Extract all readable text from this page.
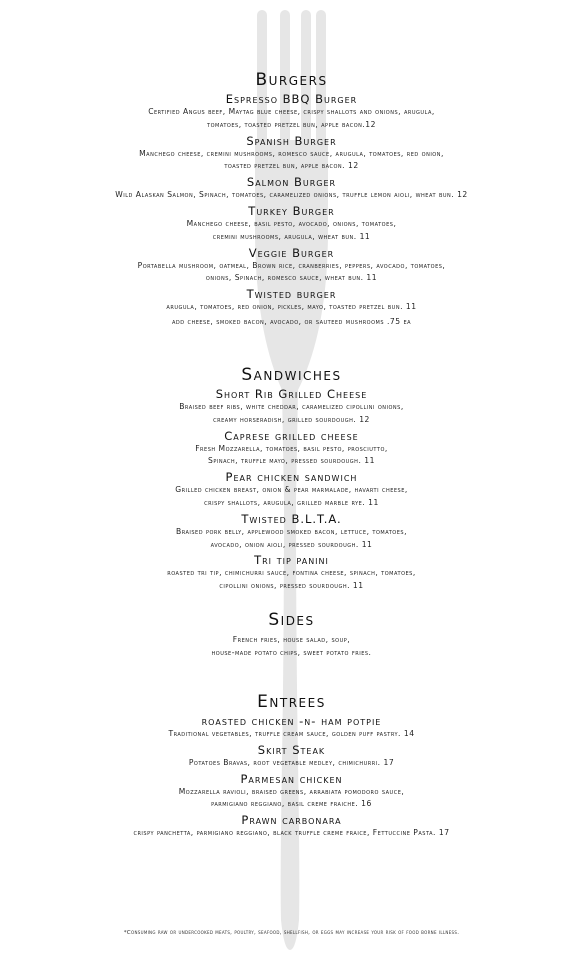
Burgers
Espresso BBQ Burger
Certified Angus beef, Maytag blue cheese, crispy shallots and onions, arugula,
tomatoes, toasted pretzel bun, apple bacon.12
Spanish Burger
Manchego cheese, cremini mushrooms, romesco sauce, arugula, tomatoes, red onion,
toasted pretzel bun, apple bacon. 12
Salmon Burger
Wild Alaskan Salmon, Spinach, tomatoes, caramelized onions, truffle lemon aioli, wheat bun. 12
Turkey Burger
Manchego cheese, basil pesto, avocado, onions, tomatoes,
cremini mushrooms, arugula, wheat bun. 11
Veggie Burger
Portabella mushroom, oatmeal, Brown rice, cranberries, peppers, avocado, tomatoes,
onions, Spinach, romesco sauce, wheat bun. 11
Twisted burger
arugula, tomatoes, red onion, pickles, mayo, toasted pretzel bun. 11
add cheese, smoked bacon, avocado, or sauteed mushrooms .75 ea
Sandwiches
Short Rib Grilled Cheese
Braised beef ribs, white cheddar, caramelized cipollini onions,
creamy horseradish, grilled sourdough. 12
Caprese grilled cheese
Fresh Mozzarella, tomatoes, basil pesto, prosciutto,
Spinach, truffle mayo, pressed sourdough. 11
Pear chicken sandwich
Grilled chicken breast, onion & pear marmalade, havarti cheese,
crispy shallots, arugula, grilled marble rye. 11
Twisted B.L.T.A.
Braised pork belly, applewood smoked bacon, lettuce, tomatoes,
avocado, onion aioli, pressed sourdough. 11
Tri tip panini
roasted tri tip, chimichurri sauce, fontina cheese, spinach, tomatoes,
cipollini onions, pressed sourdough. 11
Sides
French fries, house salad, soup,
house-made potato chips, sweet potato fries.
Entrees
roasted chicken -n- ham potpie
Traditional vegetables, truffle cream sauce, golden puff pastry. 14
Skirt Steak
Potatoes Bravas, root vegetable medley, chimichurri. 17
Parmesan chicken
Mozzarella ravioli, braised greens, arrabiata pomodoro sauce,
parmigiano reggiano, basil creme fraiche. 16
Prawn carbonara
crispy panchetta, parmigiano reggiano, black truffle creme fraice, Fettuccine Pasta. 17
*Consuming raw or undercooked meats, poultry, seafood, shellfish, or eggs may increase your risk of food borne illness.
